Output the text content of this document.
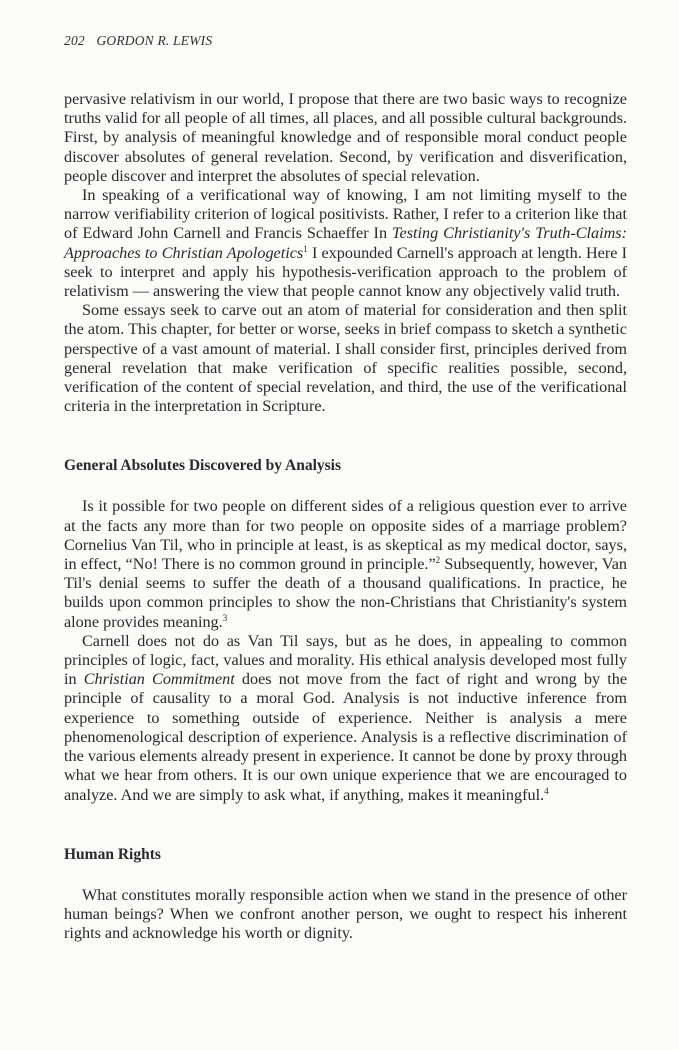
202 GORDON R. LEWIS

pervasive relativism in our world, I propose that there are two basic ways to recognize truths valid for all people of all times, all places, and all possible cultural backgrounds. First, by analysis of meaningful knowledge and of responsible moral conduct people discover absolutes of general revelation. Second, by verification and disverification, people discover and interpret the absolutes of special relevation.

In speaking of a verificational way of knowing, I am not limiting myself to the narrow verifiability criterion of logical positivists. Rather, I refer to a criterion like that of Edward John Carnell and Francis Schaeffer In Testing Christianity's Truth-Claims: Approaches to Christian Apologetics$^1$ I expounded Carnell's approach at length. Here I seek to interpret and apply his hypothesis-verification approach to the problem of relativism — answering the view that people cannot know any objectively valid truth.

Some essays seek to carve out an atom of material for consideration and then split the atom. This chapter, for better or worse, seeks in brief compass to sketch a synthetic perspective of a vast amount of material. I shall consider first, principles derived from general revelation that make verification of specific realities possible, second, verification of the content of special revelation, and third, the use of the verificational criteria in the interpretation in Scripture.

General Absolutes Discovered by Analysis

Is it possible for two people on different sides of a religious question ever to arrive at the facts any more than for two people on opposite sides of a marriage problem? Cornelius Van Til, who in principle at least, is as skeptical as my medical doctor, says, in effect, “No! There is no common ground in principle.”$^2$ Subsequently, however, Van Til's denial seems to suffer the death of a thousand qualifications. In practice, he builds upon common principles to show the non-Christians that Christianity's system alone provides meaning.$^3$

Carnell does not do as Van Til says, but as he does, in appealing to common principles of logic, fact, values and morality. His ethical analysis developed most fully in Christian Commitment does not move from the fact of right and wrong by the principle of causality to a moral God. Analysis is not inductive inference from experience to something outside of experience. Neither is analysis a mere phenomenological description of experience. Analysis is a reflective discrimination of the various elements already present in experience. It cannot be done by proxy through what we hear from others. It is our own unique experience that we are encouraged to analyze. And we are simply to ask what, if anything, makes it meaningful.$^4$

Human Rights

What constitutes morally responsible action when we stand in the presence of other human beings? When we confront another person, we ought to respect his inherent rights and acknowledge his worth or dignity.
